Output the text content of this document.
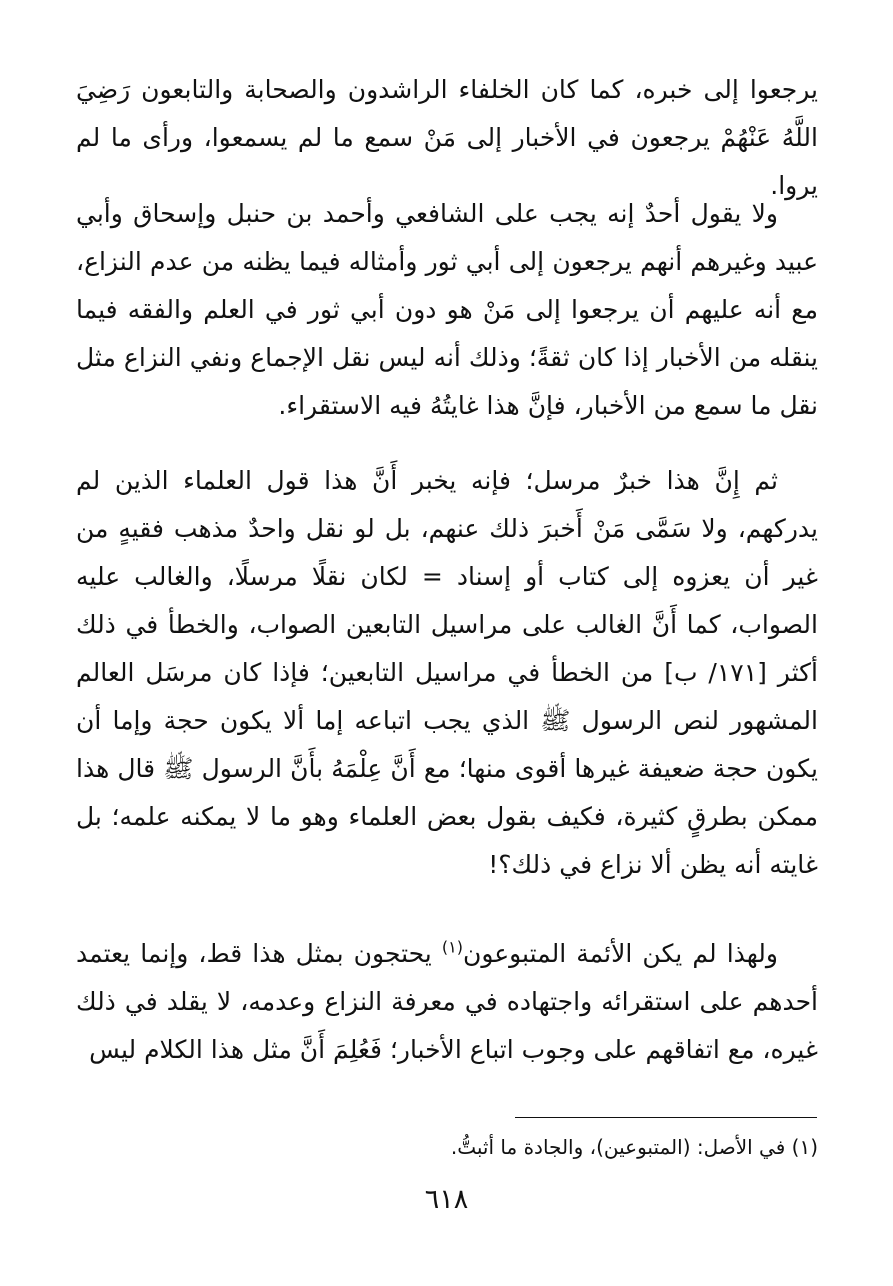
يرجعوا إلى خبره، كما كان الخلفاء الراشدون والصحابة والتابعون رَضِيَ اللَّهُ عَنْهُمْ يرجعون في الأخبار إلى مَنْ سمع ما لم يسمعوا، ورأى ما لم يروا.

ولا يقول أحدٌ إنه يجب على الشافعي وأحمد بن حنبل وإسحاق وأبي عبيد وغيرهم أنهم يرجعون إلى أبي ثور وأمثاله فيما يظنه من عدم النزاع، مع أنه عليهم أن يرجعوا إلى مَنْ هو دون أبي ثور في العلم والفقه فيما ينقله من الأخبار إذا كان ثقةً؛ وذلك أنه ليس نقل الإجماع ونفي النزاع مثل نقل ما سمع من الأخبار، فإنَّ هذا غايتُهُ فيه الاستقراء.

ثم إِنَّ هذا خبرٌ مرسل؛ فإنه يخبر أَنَّ هذا قول العلماء الذين لم يدركهم، ولا سَمَّى مَنْ أَخبرَ ذلك عنهم، بل لو نقل واحدٌ مذهب فقيهٍ من غير أن يعزوه إلى كتاب أو إسناد = لكان نقلًا مرسلًا، والغالب عليه الصواب، كما أَنَّ الغالب على مراسيل التابعين الصواب، والخطأ في ذلك أكثر [١٧١/ ب] من الخطأ في مراسيل التابعين؛ فإذا كان مرسَل العالم المشهور لنص الرسول ﷺ الذي يجب اتباعه إما ألا يكون حجة وإما أن يكون حجة ضعيفة غيرها أقوى منها؛ مع أَنَّ عِلْمَهُ بأَنَّ الرسول ﷺ قال هذا ممكن بطرقٍ كثيرة، فكيف بقول بعض العلماء وهو ما لا يمكنه علمه؛ بل غايته أنه يظن ألا نزاع في ذلك؟!

ولهذا لم يكن الأئمة المتبوعون$^{(١)}$ يحتجون بمثل هذا قط، وإنما يعتمد أحدهم على استقرائه واجتهاده في معرفة النزاع وعدمه، لا يقلد في ذلك غيره، مع اتفاقهم على وجوب اتباع الأخبار؛ فَعُلِمَ أَنَّ مثل هذا الكلام ليس

(١) في الأصل: (المتبوعين)، والجادة ما أثبتُّ.
٦١٨
